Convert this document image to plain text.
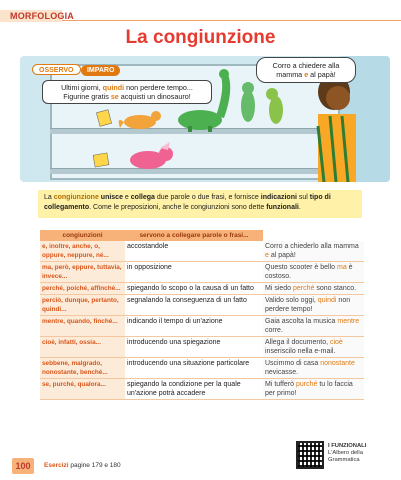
MORFOLOGIA
La congiunzione
OSSERVO IMPARO
Ultimi giorni, quindi non perdere tempo...
Figurine gratis se acquisti un dinosauro!
Corro a chiedere alla
mamma e al papà!
La congiunzione unisce e collega due parole o due frasi, e fornisce indicazioni sul tipo di collegamento. Come le preposizioni, anche le congiunzioni sono dette funzionali.
congiunzioni	servono a collegare parole o frasi...	
e, inoltre, anche, o, oppure, neppure, né...	accostandole	Corro a chiederlo alla mamma e al papà!
ma, però, eppure, tuttavia, invece...	in opposizione	Questo scooter è bello ma è costoso.
perché, poiché, affinché...	spiegando lo scopo o la causa di un fatto	Mi siedo perché sono stanco.
perciò, dunque, pertanto, quindi...	segnalando la conseguenza di un fatto	Valido solo oggi, quindi non perdere tempo!
mentre, quando, finché...	indicando il tempo di un'azione	Gaia ascolta la musica mentre corre.
cioè, infatti, ossia...	introducendo una spiegazione	Allega il documento, cioè inseriscilo nella e-mail.
sebbene, malgrado, nonostante, benché...	introducendo una situazione particolare	Uscimmo di casa nonostante nevicasse.
se, purché, qualora...	spiegando la condizione per la quale un'azione potrà accadere	Mi tufferò purché tu lo faccia per primo!
100	Esercizi pagine 179 e 180
I FUNZIONALI
L'Albero della Grammatica
